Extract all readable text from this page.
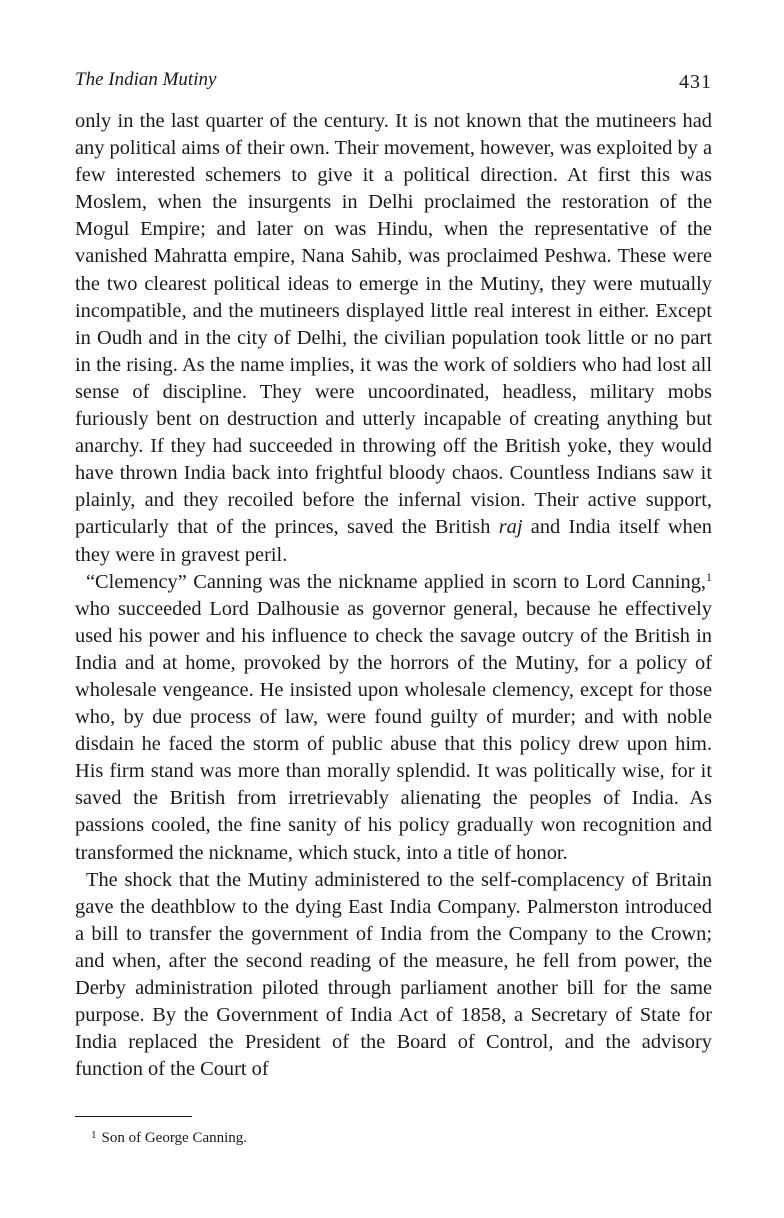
The Indian Mutiny	431

only in the last quarter of the century. It is not known that the mutineers had any political aims of their own. Their movement, however, was exploited by a few interested schemers to give it a political direction. At first this was Moslem, when the insurgents in Delhi proclaimed the restoration of the Mogul Empire; and later on was Hindu, when the representative of the vanished Mahratta empire, Nana Sahib, was proclaimed Peshwa. These were the two clearest political ideas to emerge in the Mutiny, they were mutually incompatible, and the mutineers displayed little real interest in either. Except in Oudh and in the city of Delhi, the civilian population took little or no part in the rising. As the name implies, it was the work of soldiers who had lost all sense of discipline. They were uncoordinated, headless, military mobs furiously bent on destruction and utterly incapable of creating anything but anarchy. If they had succeeded in throwing off the British yoke, they would have thrown India back into frightful bloody chaos. Countless Indians saw it plainly, and they recoiled before the infernal vision. Their active support, particularly that of the princes, saved the British raj and India itself when they were in gravest peril.

“Clemency” Canning was the nickname applied in scorn to Lord Canning,$^1$ who succeeded Lord Dalhousie as governor general, because he effectively used his power and his influence to check the savage outcry of the British in India and at home, provoked by the horrors of the Mutiny, for a policy of wholesale vengeance. He insisted upon wholesale clemency, except for those who, by due process of law, were found guilty of murder; and with noble disdain he faced the storm of public abuse that this policy drew upon him. His firm stand was more than morally splendid. It was politically wise, for it saved the British from irretrievably alienating the peoples of India. As passions cooled, the fine sanity of his policy gradually won recognition and transformed the nickname, which stuck, into a title of honor.

The shock that the Mutiny administered to the self-complacency of Britain gave the deathblow to the dying East India Company. Palmerston introduced a bill to transfer the government of India from the Company to the Crown; and when, after the second reading of the measure, he fell from power, the Derby administration piloted through parliament another bill for the same purpose. By the Government of India Act of 1858, a Secretary of State for India replaced the President of the Board of Control, and the advisory function of the Court of

$^1$ Son of George Canning.
